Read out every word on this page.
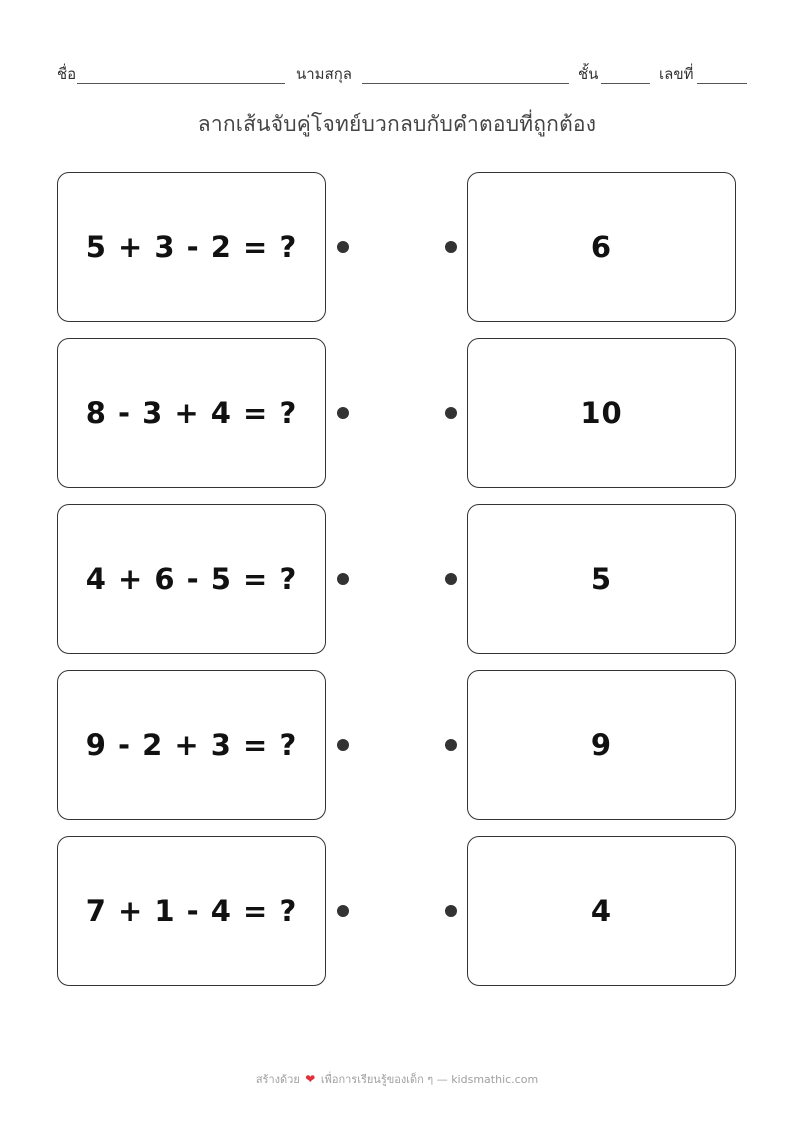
ชื่อ	นามสกุล	ชั้น	เลขที่
ลากเส้นจับคู่โจทย์บวกลบกับคำตอบที่ถูกต้อง
5 + 3 - 2 = ?	6
8 - 3 + 4 = ?	10
4 + 6 - 5 = ?	5
9 - 2 + 3 = ?	9
7 + 1 - 4 = ?	4
สร้างด้วย ❤ เพื่อการเรียนรู้ของเด็ก ๆ — kidsmathic.com
